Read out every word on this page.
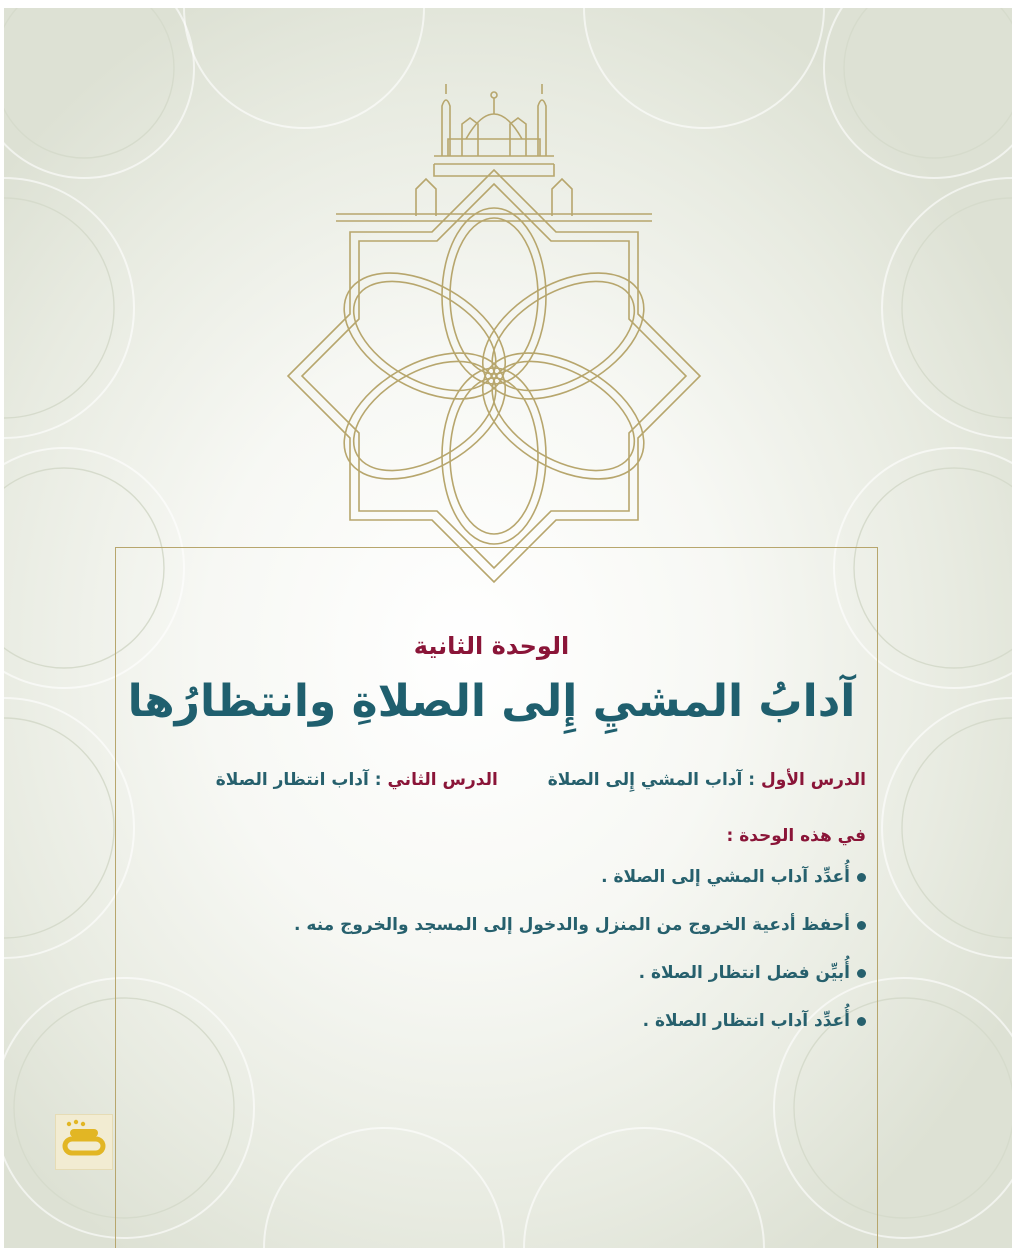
الوحدة الثانية
آدابُ المشيِ إِلى الصلاةِ وانتظارُها
الدرس الأول : آداب المشي إِلى الصلاة الدرس الثاني : آداب انتظار الصلاة

في هذه الوحدة :

أُعدِّد آداب المشي إلى الصلاة .
أحفظ أدعية الخروج من المنزل والدخول إلى المسجد والخروج منه .
أُبيِّن فضل انتظار الصلاة .
أُعدِّد آداب انتظار الصلاة .
